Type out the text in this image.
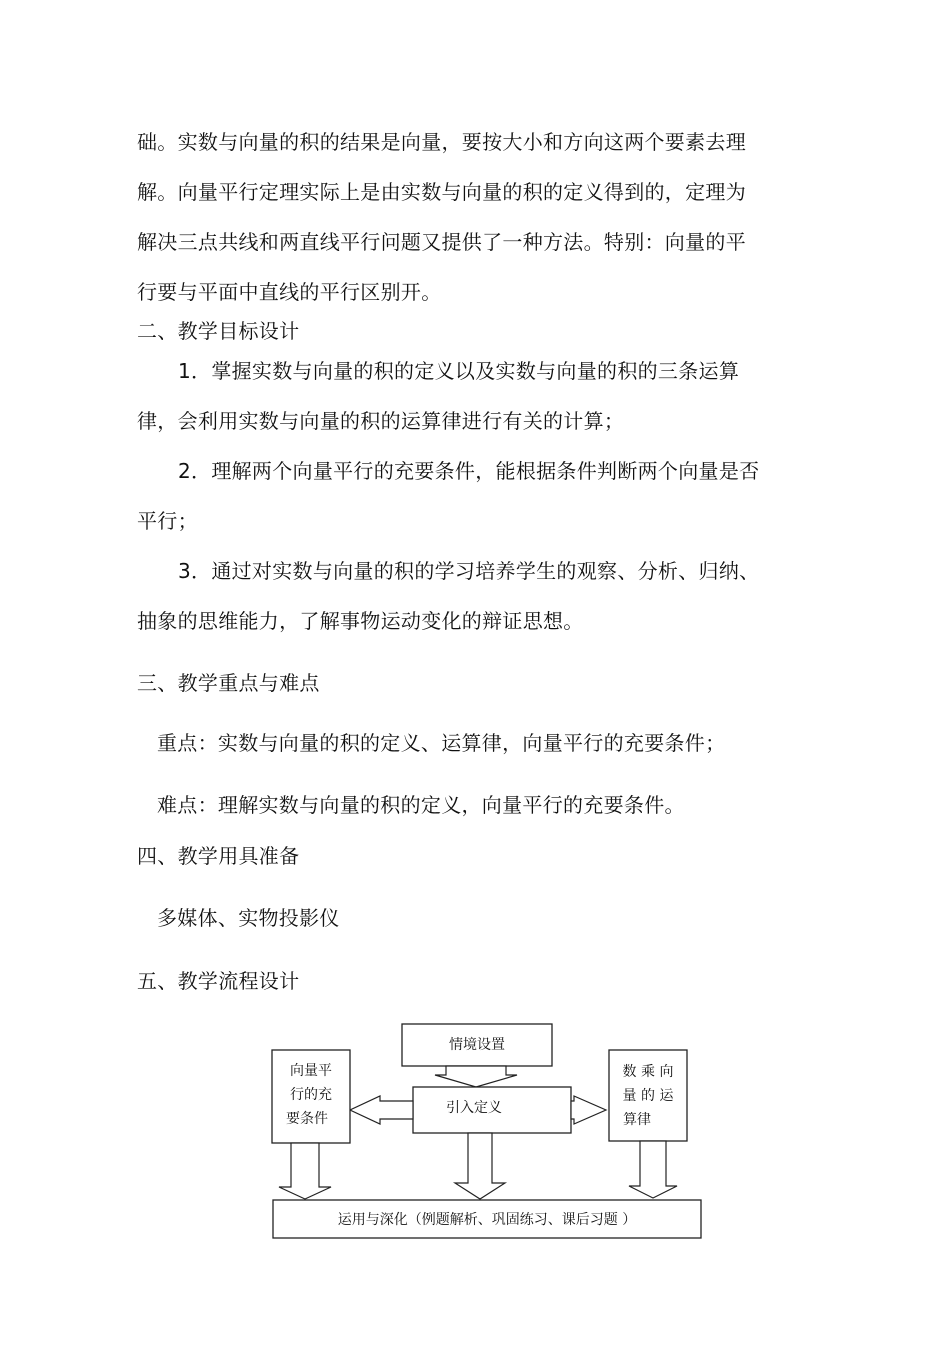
础。实数与向量的积的结果是向量，要按大小和方向这两个要素去理
解。向量平行定理实际上是由实数与向量的积的定义得到的，定理为
解决三点共线和两直线平行问题又提供了一种方法。特别：向量的平
行要与平面中直线的平行区别开。
二、教学目标设计
1．掌握实数与向量的积的定义以及实数与向量的积的三条运算
律，会利用实数与向量的积的运算律进行有关的计算；
2．理解两个向量平行的充要条件，能根据条件判断两个向量是否
平行；
3．通过对实数与向量的积的学习培养学生的观察、分析、归纳、
抽象的思维能力，了解事物运动变化的辩证思想。
三、教学重点与难点
重点：实数与向量的积的定义、运算律，向量平行的充要条件；
难点：理解实数与向量的积的定义，向量平行的充要条件。
四、教学用具准备
多媒体、实物投影仪
五、教学流程设计
情境设置
引入定义
向量平
行的充
要条件
数 乘 向
量 的 运
算律
运用与深化（例题解析、巩固练习、课后习题 ）
